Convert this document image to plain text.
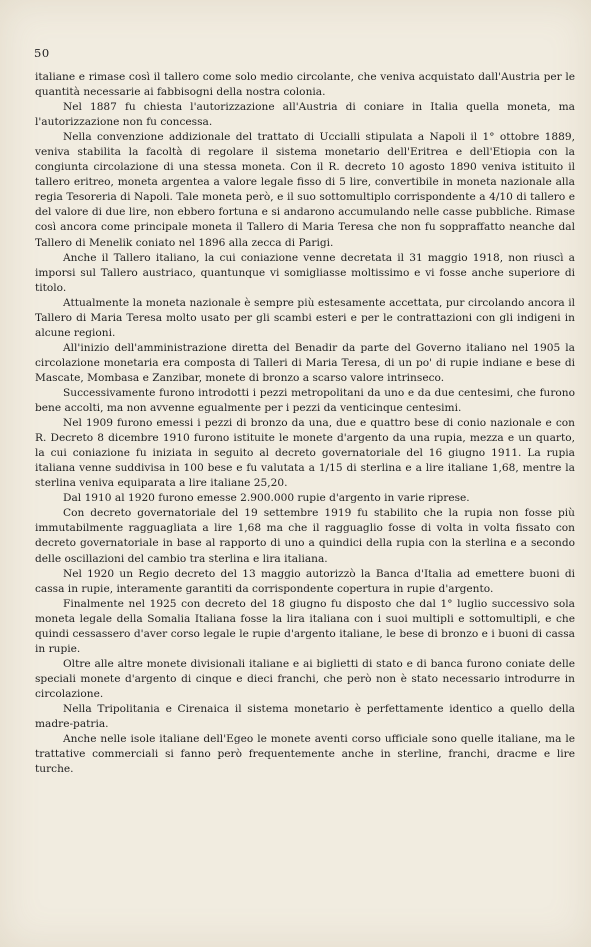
50

italiane e rimase così il tallero come solo medio circolante, che veniva acquistato dall'Austria per le quantità necessarie ai fabbisogni della nostra colonia.

Nel 1887 fu chiesta l'autorizzazione all'Austria di coniare in Italia quella moneta, ma l'autorizzazione non fu concessa.

Nella convenzione addizionale del trattato di Uccialli stipulata a Napoli il 1° ottobre 1889, veniva stabilita la facoltà di regolare il sistema monetario dell'Eritrea e dell'Etiopia con la congiunta circolazione di una stessa moneta. Con il R. decreto 10 agosto 1890 veniva istituito il tallero eritreo, moneta argentea a valore legale fisso di 5 lire, convertibile in moneta nazionale alla regia Tesoreria di Napoli. Tale moneta però, e il suo sottomultiplo corrispondente a 4/10 di tallero e del valore di due lire, non ebbero fortuna e si andarono accumulando nelle casse pubbliche. Rimase così ancora come principale moneta il Tallero di Maria Teresa che non fu soppraffatto neanche dal Tallero di Menelik coniato nel 1896 alla zecca di Parigi.

Anche il Tallero italiano, la cui coniazione venne decretata il 31 maggio 1918, non riuscì a imporsi sul Tallero austriaco, quantunque vi somigliasse moltissimo e vi fosse anche superiore di titolo.

Attualmente la moneta nazionale è sempre più estesamente accettata, pur circolando ancora il Tallero di Maria Teresa molto usato per gli scambi esteri e per le contrattazioni con gli indigeni in alcune regioni.

All'inizio dell'amministrazione diretta del Benadir da parte del Governo italiano nel 1905 la circolazione monetaria era composta di Talleri di Maria Teresa, di un po' di rupie indiane e bese di Mascate, Mombasa e Zanzibar, monete di bronzo a scarso valore intrinseco.

Successivamente furono introdotti i pezzi metropolitani da uno e da due centesimi, che furono bene accolti, ma non avvenne egualmente per i pezzi da venticinque centesimi.

Nel 1909 furono emessi i pezzi di bronzo da una, due e quattro bese di conio nazionale e con R. Decreto 8 dicembre 1910 furono istituite le monete d'argento da una rupia, mezza e un quarto, la cui coniazione fu iniziata in seguito al decreto governatoriale del 16 giugno 1911. La rupia italiana venne suddivisa in 100 bese e fu valutata a 1/15 di sterlina e a lire italiane 1,68, mentre la sterlina veniva equiparata a lire italiane 25,20.

Dal 1910 al 1920 furono emesse 2.900.000 rupie d'argento in varie riprese.

Con decreto governatoriale del 19 settembre 1919 fu stabilito che la rupia non fosse più immutabilmente ragguagliata a lire 1,68 ma che il ragguaglio fosse di volta in volta fissato con decreto governatoriale in base al rapporto di uno a quindici della rupia con la sterlina e a secondo delle oscillazioni del cambio tra sterlina e lira italiana.

Nel 1920 un Regio decreto del 13 maggio autorizzò la Banca d'Italia ad emettere buoni di cassa in rupie, interamente garantiti da corrispondente copertura in rupie d'argento.

Finalmente nel 1925 con decreto del 18 giugno fu disposto che dal 1° luglio successivo sola moneta legale della Somalia Italiana fosse la lira italiana con i suoi multipli e sottomultipli, e che quindi cessassero d'aver corso legale le rupie d'argento italiane, le bese di bronzo e i buoni di cassa in rupie.

Oltre alle altre monete divisionali italiane e ai biglietti di stato e di banca furono coniate delle speciali monete d'argento di cinque e dieci franchi, che però non è stato necessario introdurre in circolazione.

Nella Tripolitania e Cirenaica il sistema monetario è perfettamente identico a quello della madre-patria.

Anche nelle isole italiane dell'Egeo le monete aventi corso ufficiale sono quelle italiane, ma le trattative commerciali si fanno però frequentemente anche in sterline, franchi, dracme e lire turche.
